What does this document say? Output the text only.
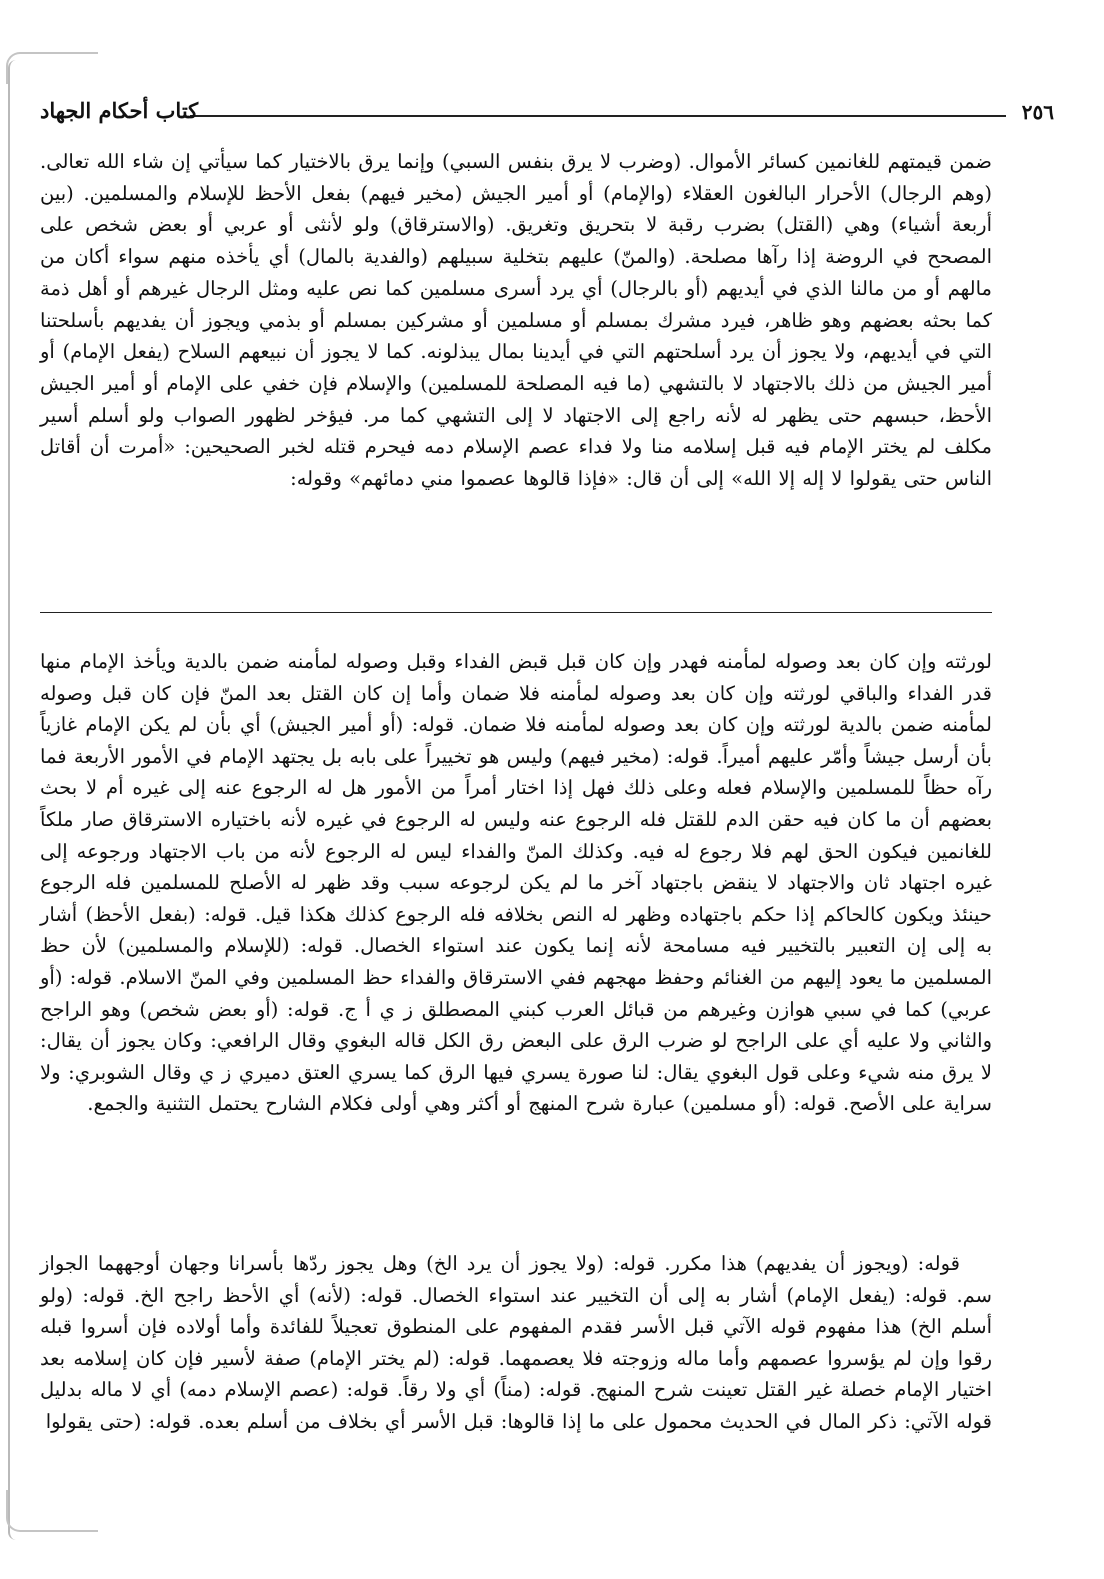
٢٥٦
كتاب أحكام الجهاد

ضمن قيمتهم للغانمين كسائر الأموال. (وضرب لا يرق بنفس السبي) وإنما يرق بالاختيار كما سيأتي إن شاء الله تعالى. (وهم الرجال) الأحرار البالغون العقلاء (والإمام) أو أمير الجيش (مخير فيهم) بفعل الأحظ للإسلام والمسلمين. (بين أربعة أشياء) وهي (القتل) بضرب رقبة لا بتحريق وتغريق. (والاسترقاق) ولو لأنثى أو عربي أو بعض شخص على المصحح في الروضة إذا رآها مصلحة. (والمنّ) عليهم بتخلية سبيلهم (والفدية بالمال) أي يأخذه منهم سواء أكان من مالهم أو من مالنا الذي في أيديهم (أو بالرجال) أي يرد أسرى مسلمين كما نص عليه ومثل الرجال غيرهم أو أهل ذمة كما بحثه بعضهم وهو ظاهر، فيرد مشرك بمسلم أو مسلمين أو مشركين بمسلم أو بذمي ويجوز أن يفديهم بأسلحتنا التي في أيديهم، ولا يجوز أن يرد أسلحتهم التي في أيدينا بمال يبذلونه. كما لا يجوز أن نبيعهم السلاح (يفعل الإمام) أو أمير الجيش من ذلك بالاجتهاد لا بالتشهي (ما فيه المصلحة للمسلمين) والإسلام فإن خفي على الإمام أو أمير الجيش الأحظ، حبسهم حتى يظهر له لأنه راجع إلى الاجتهاد لا إلى التشهي كما مر. فيؤخر لظهور الصواب ولو أسلم أسير مكلف لم يختر الإمام فيه قبل إسلامه منا ولا فداء عصم الإسلام دمه فيحرم قتله لخبر الصحيحين: «أمرت أن أقاتل الناس حتى يقولوا لا إله إلا الله» إلى أن قال: «فإذا قالوها عصموا مني دمائهم» وقوله:

لورثته وإن كان بعد وصوله لمأمنه فهدر وإن كان قبل قبض الفداء وقبل وصوله لمأمنه ضمن بالدية ويأخذ الإمام منها قدر الفداء والباقي لورثته وإن كان بعد وصوله لمأمنه فلا ضمان وأما إن كان القتل بعد المنّ فإن كان قبل وصوله لمأمنه ضمن بالدية لورثته وإن كان بعد وصوله لمأمنه فلا ضمان. قوله: (أو أمير الجيش) أي بأن لم يكن الإمام غازياً بأن أرسل جيشاً وأمّر عليهم أميراً. قوله: (مخير فيهم) وليس هو تخييراً على بابه بل يجتهد الإمام في الأمور الأربعة فما رآه حظاً للمسلمين والإسلام فعله وعلى ذلك فهل إذا اختار أمراً من الأمور هل له الرجوع عنه إلى غيره أم لا بحث بعضهم أن ما كان فيه حقن الدم للقتل فله الرجوع عنه وليس له الرجوع في غيره لأنه باختياره الاسترقاق صار ملكاً للغانمين فيكون الحق لهم فلا رجوع له فيه. وكذلك المنّ والفداء ليس له الرجوع لأنه من باب الاجتهاد ورجوعه إلى غيره اجتهاد ثان والاجتهاد لا ينقض باجتهاد آخر ما لم يكن لرجوعه سبب وقد ظهر له الأصلح للمسلمين فله الرجوع حينئذ ويكون كالحاكم إذا حكم باجتهاده وظهر له النص بخلافه فله الرجوع كذلك هكذا قيل. قوله: (بفعل الأحظ) أشار به إلى إن التعبير بالتخيير فيه مسامحة لأنه إنما يكون عند استواء الخصال. قوله: (للإسلام والمسلمين) لأن حظ المسلمين ما يعود إليهم من الغنائم وحفظ مهجهم ففي الاسترقاق والفداء حظ المسلمين وفي المنّ الاسلام. قوله: (أو عربي) كما في سبي هوازن وغيرهم من قبائل العرب كبني المصطلق ز ي أ ج. قوله: (أو بعض شخص) وهو الراجح والثاني ولا عليه أي على الراجح لو ضرب الرق على البعض رق الكل قاله البغوي وقال الرافعي: وكان يجوز أن يقال: لا يرق منه شيء وعلى قول البغوي يقال: لنا صورة يسري فيها الرق كما يسري العتق دميري ز ي وقال الشوبري: ولا سراية على الأصح. قوله: (أو مسلمين) عبارة شرح المنهج أو أكثر وهي أولى فكلام الشارح يحتمل التثنية والجمع.

قوله: (ويجوز أن يفديهم) هذا مكرر. قوله: (ولا يجوز أن يرد الخ) وهل يجوز ردّها بأسرانا وجهان أوجههما الجواز سم. قوله: (يفعل الإمام) أشار به إلى أن التخيير عند استواء الخصال. قوله: (لأنه) أي الأحظ راجح الخ. قوله: (ولو أسلم الخ) هذا مفهوم قوله الآتي قبل الأسر فقدم المفهوم على المنطوق تعجيلاً للفائدة وأما أولاده فإن أسروا قبله رقوا وإن لم يؤسروا عصمهم وأما ماله وزوجته فلا يعصمهما. قوله: (لم يختر الإمام) صفة لأسير فإن كان إسلامه بعد اختيار الإمام خصلة غير القتل تعينت شرح المنهج. قوله: (مناً) أي ولا رقاً. قوله: (عصم الإسلام دمه) أي لا ماله بدليل قوله الآتي: ذكر المال في الحديث محمول على ما إذا قالوها: قبل الأسر أي بخلاف من أسلم بعده. قوله: (حتى يقولوا
